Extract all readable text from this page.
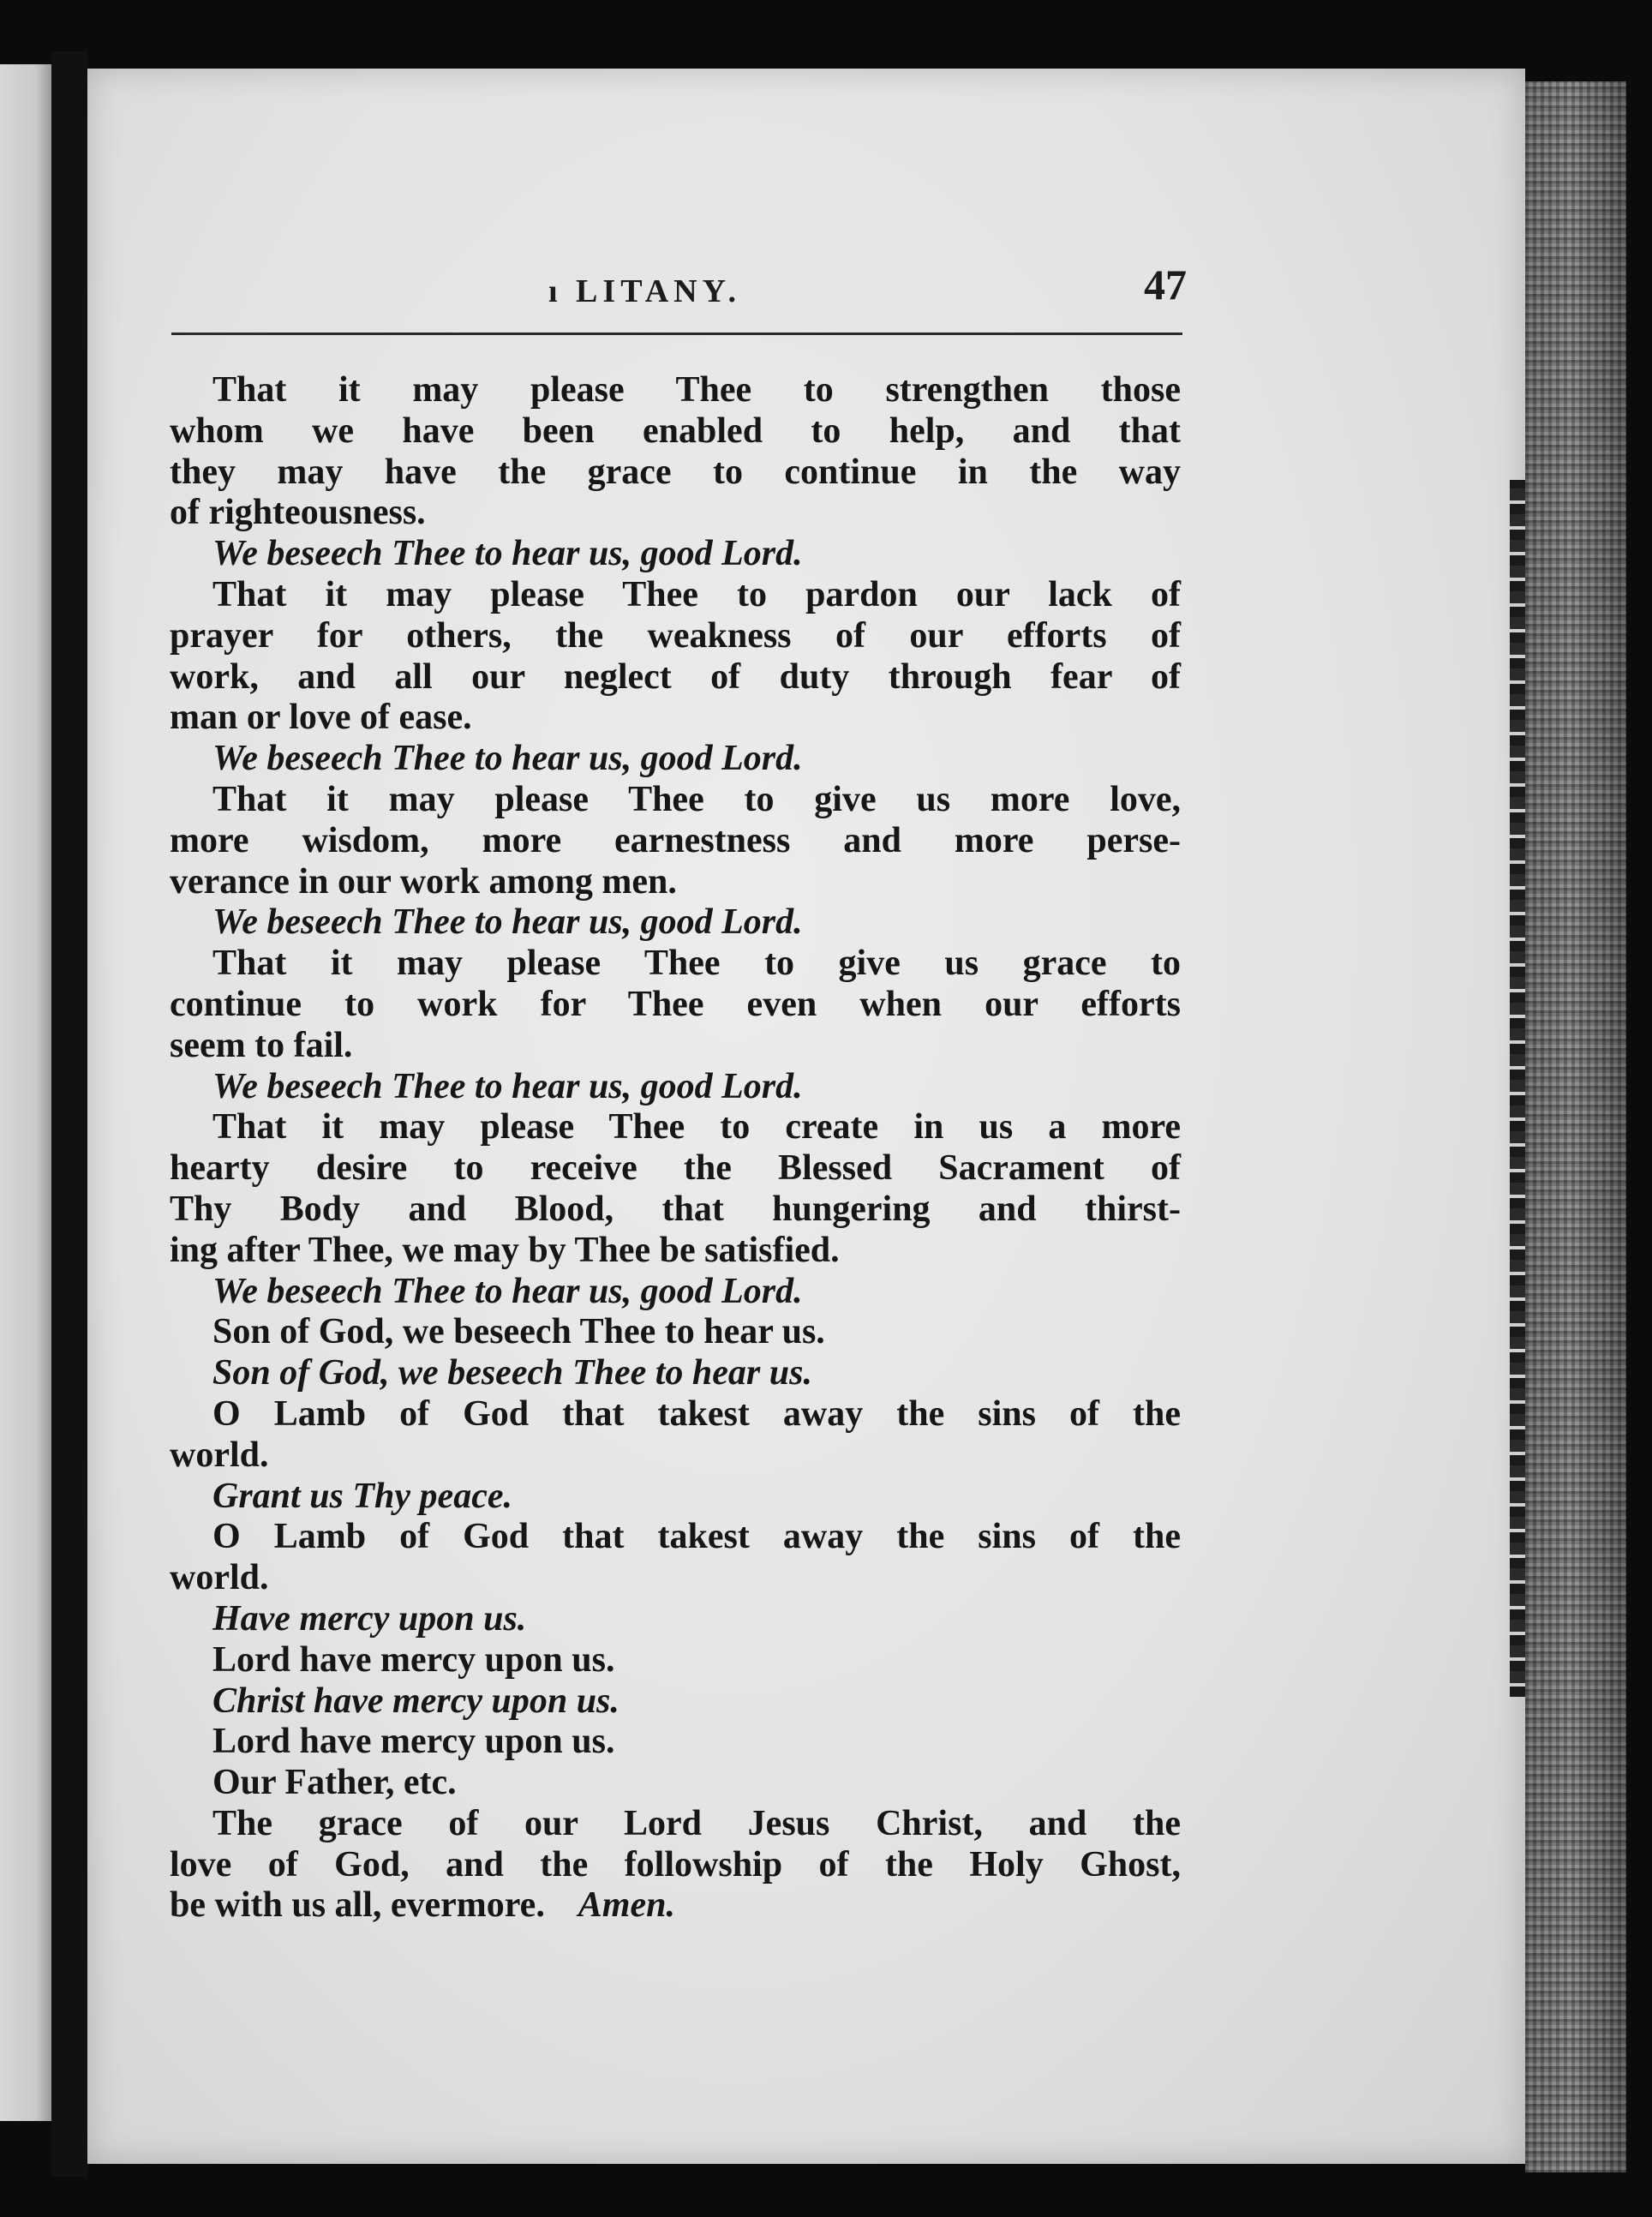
ı LITANY.	47
That it may please Thee to strengthen those
whom we have been enabled to help, and that
they may have the grace to continue in the way
of righteousness.
We beseech Thee to hear us, good Lord.
That it may please Thee to pardon our lack of
prayer for others, the weakness of our efforts of
work, and all our neglect of duty through fear of
man or love of ease.
We beseech Thee to hear us, good Lord.
That it may please Thee to give us more love,
more wisdom, more earnestness and more perse-
verance in our work among men.
We beseech Thee to hear us, good Lord.
That it may please Thee to give us grace to
continue to work for Thee even when our efforts
seem to fail.
We beseech Thee to hear us, good Lord.
That it may please Thee to create in us a more
hearty desire to receive the Blessed Sacrament of
Thy Body and Blood, that hungering and thirst-
ing after Thee, we may by Thee be satisfied.
We beseech Thee to hear us, good Lord.
Son of God, we beseech Thee to hear us.
Son of God, we beseech Thee to hear us.
O Lamb of God that takest away the sins of the
world.
Grant us Thy peace.
O Lamb of God that takest away the sins of the
world.
Have mercy upon us.
Lord have mercy upon us.
Christ have mercy upon us.
Lord have mercy upon us.
Our Father, etc.
The grace of our Lord Jesus Christ, and the
love of God, and the followship of the Holy Ghost,
be with us all, evermore. Amen.
